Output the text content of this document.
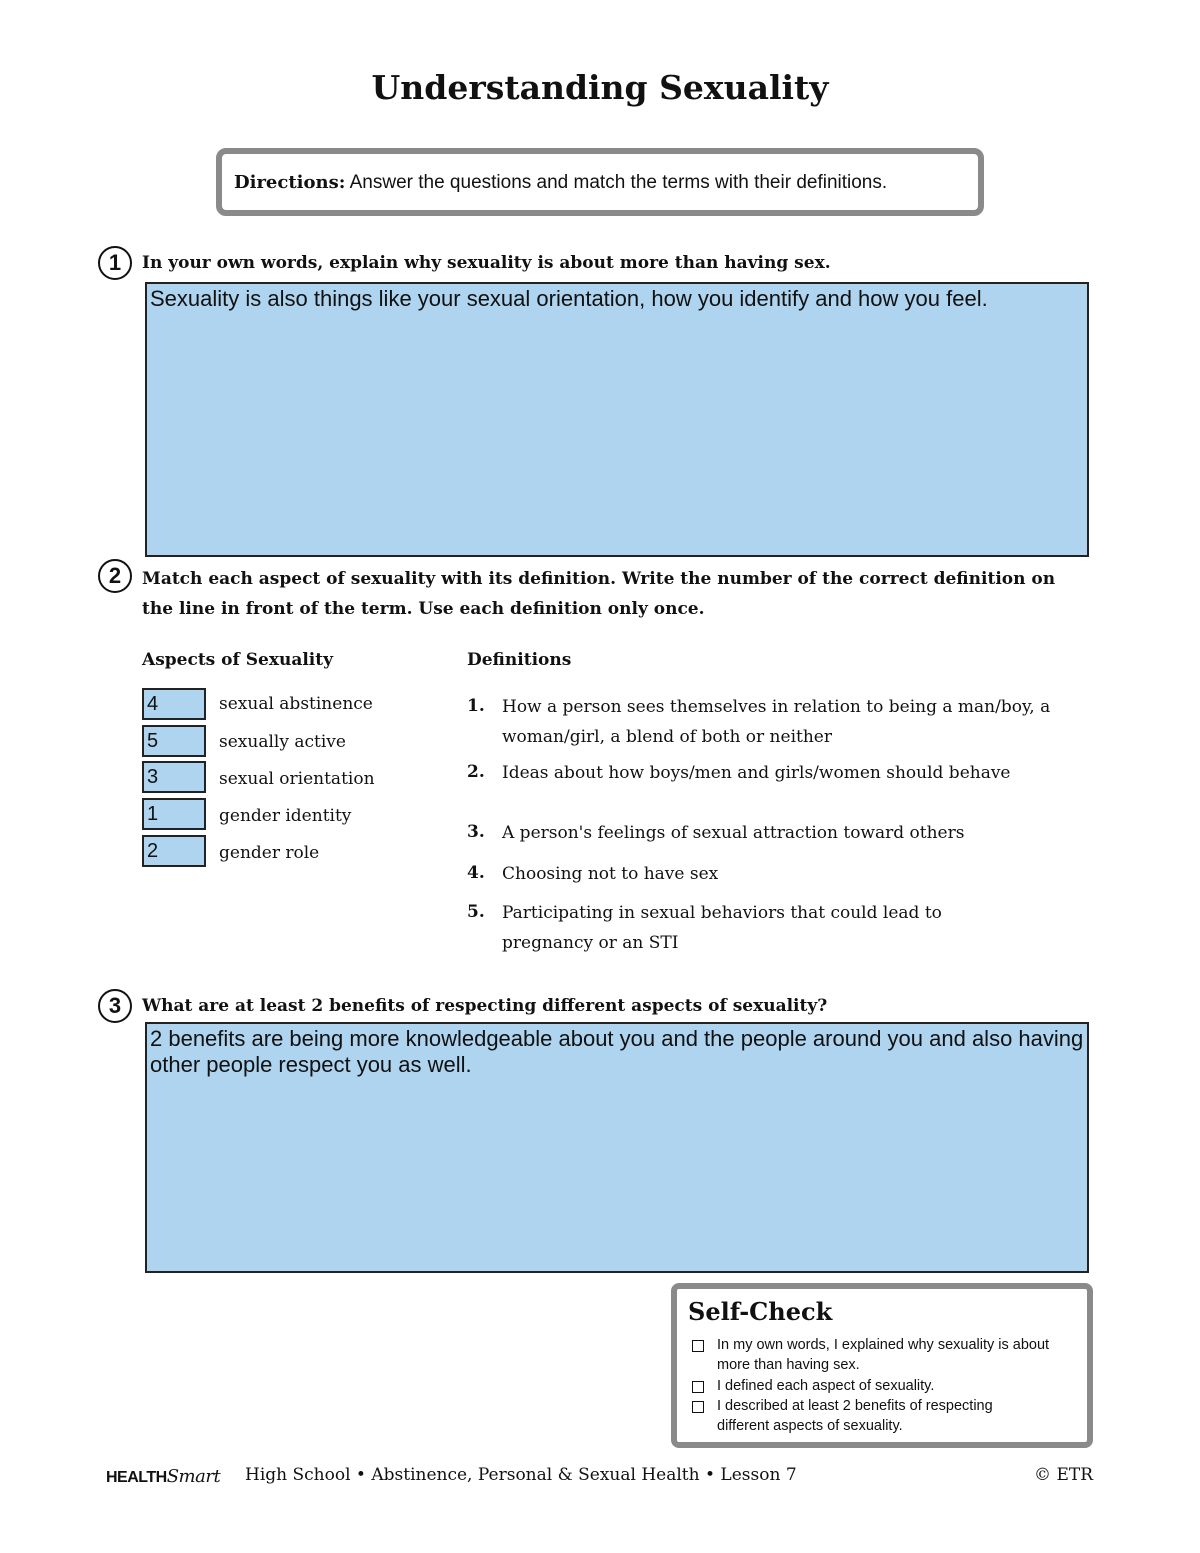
Understanding Sexuality
Directions: Answer the questions and match the terms with their definitions.
1	In your own words, explain why sexuality is about more than having sex.
Sexuality is also things like your sexual orientation, how you identify and how you feel.
2	Match each aspect of sexuality with its definition. Write the number of the correct definition on the line in front of the term. Use each definition only once.
Aspects of Sexuality	Definitions
4	sexual abstinence
5	sexually active
3	sexual orientation
1	gender identity
2	gender role
1. How a person sees themselves in relation to being a man/boy, a woman/girl, a blend of both or neither
2. Ideas about how boys/men and girls/women should behave
3. A person's feelings of sexual attraction toward others
4. Choosing not to have sex
5. Participating in sexual behaviors that could lead to pregnancy or an STI
3	What are at least 2 benefits of respecting different aspects of sexuality?
2 benefits are being more knowledgeable about you and the people around you and also having other people respect you as well.
Self-Check
In my own words, I explained why sexuality is about more than having sex.
I defined each aspect of sexuality.
I described at least 2 benefits of respecting different aspects of sexuality.
HEALTHSmart High School • Abstinence, Personal & Sexual Health • Lesson 7	© ETR
